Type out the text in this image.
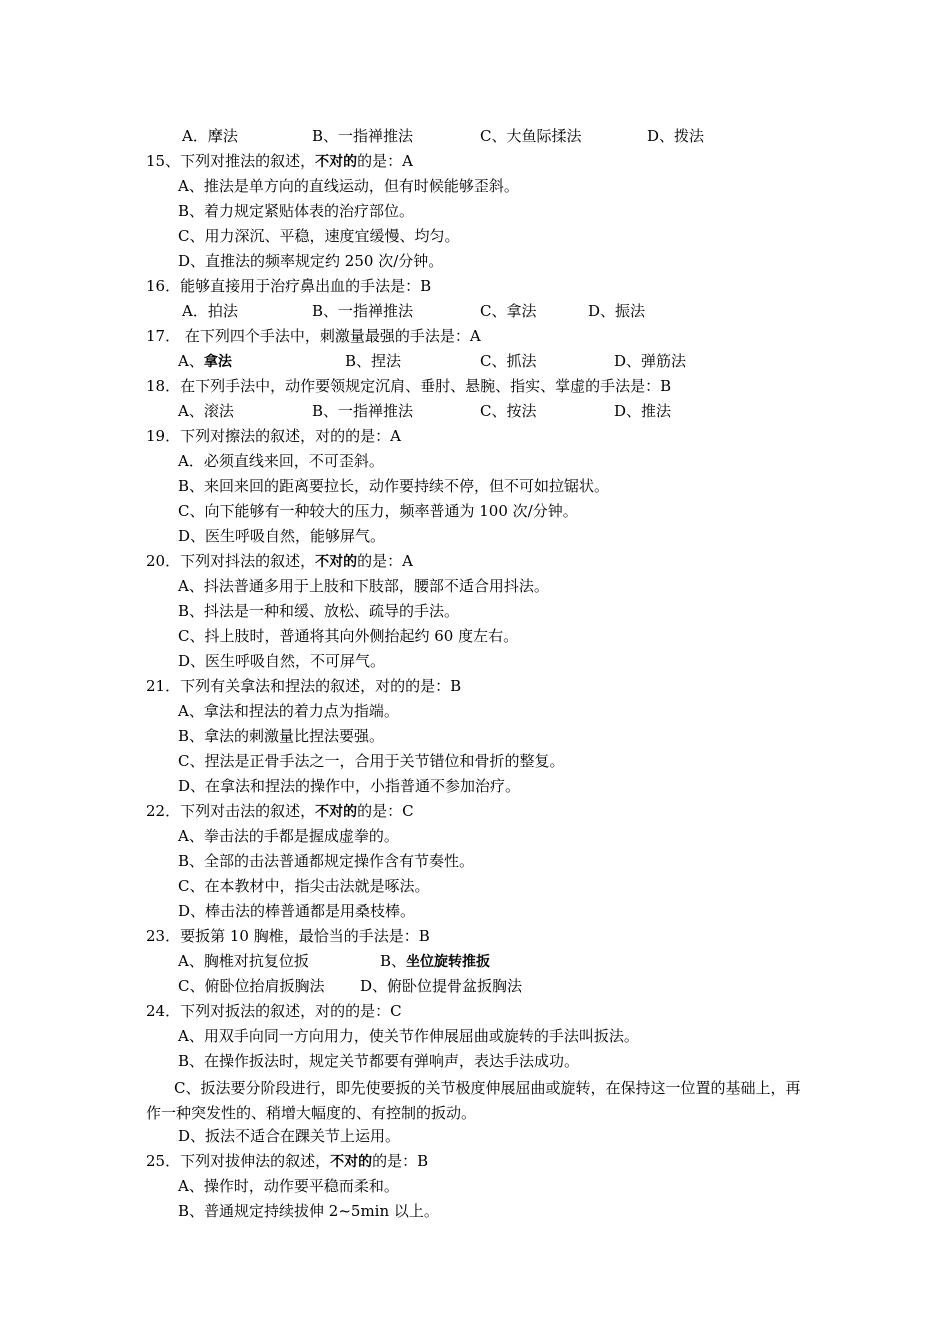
A．摩法	B、一指禅推法	C、大鱼际揉法	D、拨法
15、下列对推法的叙述，不对的的是：A
A、推法是单方向的直线运动，但有时候能够歪斜。
B、着力规定紧贴体表的治疗部位。
C、用力深沉、平稳，速度宜缓慢、均匀。
D、直推法的频率规定约 250 次/分钟。
16．能够直接用于治疗鼻出血的手法是：B
A．拍法	B、一指禅推法	C、拿法	D、振法
17． 在下列四个手法中，刺激量最强的手法是：A
A、拿法	B、捏法	C、抓法	D、弹筋法
18．在下列手法中，动作要领规定沉肩、垂肘、悬腕、指实、掌虚的手法是：B
A、滚法	B、一指禅推法	C、按法	D、推法
19．下列对擦法的叙述，对的的是：A
A．必须直线来回，不可歪斜。
B、来回来回的距离要拉长，动作要持续不停，但不可如拉锯状。
C、向下能够有一种较大的压力，频率普通为 100 次/分钟。
D、医生呼吸自然，能够屏气。
20．下列对抖法的叙述，不对的的是：A
A、抖法普通多用于上肢和下肢部，腰部不适合用抖法。
B、抖法是一种和缓、放松、疏导的手法。
C、抖上肢时，普通将其向外侧抬起约 60 度左右。
D、医生呼吸自然，不可屏气。
21．下列有关拿法和捏法的叙述，对的的是：B
A、拿法和捏法的着力点为指端。
B、拿法的刺激量比捏法要强。
C、捏法是正骨手法之一，合用于关节错位和骨折的整复。
D、在拿法和捏法的操作中，小指普通不参加治疗。
22．下列对击法的叙述，不对的的是：C
A、拳击法的手都是握成虚拳的。
B、全部的击法普通都规定操作含有节奏性。
C、在本教材中，指尖击法就是啄法。
D、棒击法的棒普通都是用桑枝棒。
23．要扳第 10 胸椎，最恰当的手法是：B
A、胸椎对抗复位扳	B、坐位旋转推扳
C、俯卧位抬肩扳胸法 D、俯卧位提骨盆扳胸法
24．下列对扳法的叙述，对的的是：C
A、用双手向同一方向用力，使关节作伸展屈曲或旋转的手法叫扳法。
B、在操作扳法时，规定关节都要有弹响声，表达手法成功。
C、扳法要分阶段进行，即先使要扳的关节极度伸展屈曲或旋转，在保持这一位置的基础上，再作一种突发性的、稍增大幅度的、有控制的扳动。
D、扳法不适合在踝关节上运用。
25．下列对拔伸法的叙述，不对的的是：B
A、操作时，动作要平稳而柔和。
B、普通规定持续拔伸 2~5min 以上。
